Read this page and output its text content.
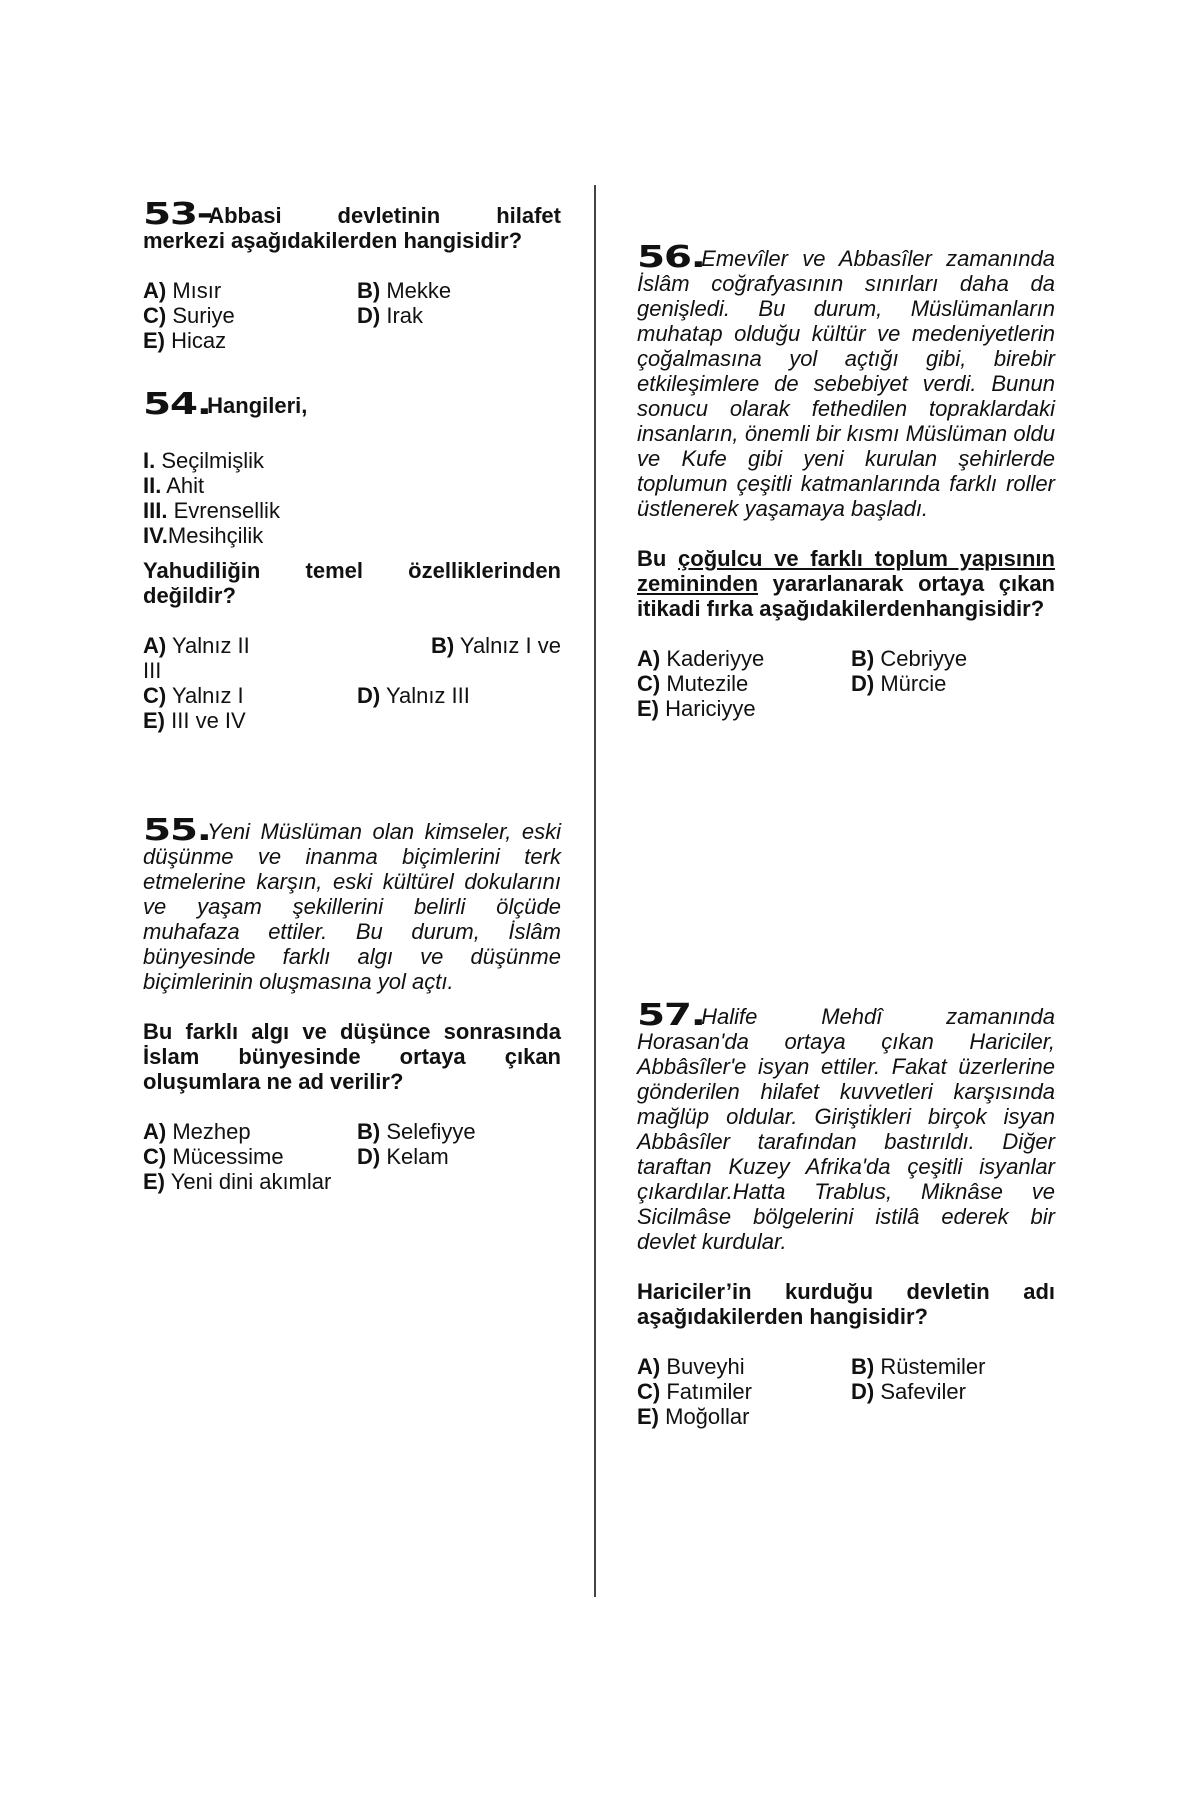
53-Abbasi	devletinin	hilafet
merkezi aşağıdakilerden hangisidir?
A) Mısır	B) Mekke
C) Suriye	D) Irak
E) Hicaz
54.Hangileri,
I. Seçilmişlik
II. Ahit
III. Evrensellik
IV.Mesihçilik
Yahudiliğin temel özelliklerinden
değildir?
A) Yalnız II	B) Yalnız I ve
III
C) Yalnız I	D) Yalnız III
E) III ve IV
55.Yeni Müslüman olan kimseler, eski düşünme ve inanma biçimlerini terk etmelerine karşın, eski kültürel dokularını ve yaşam şekillerini belirli ölçüde muhafaza ettiler. Bu durum, İslâm bünyesinde farklı algı ve düşünme biçimlerinin oluşmasına yol açtı.
Bu farklı algı ve düşünce sonrasında İslam bünyesinde ortaya çıkan oluşumlara ne ad verilir?
A) Mezhep	B) Selefiyye
C) Mücessime	D) Kelam
E) Yeni dini akımlar
56.Emevîler ve Abbasîler zamanında İslâm coğrafyasının sınırları daha da genişledi. Bu durum, Müslümanların muhatap olduğu kültür ve medeniyetlerin çoğalmasına yol açtığı gibi, birebir etkileşimlere de sebebiyet verdi. Bunun sonucu olarak fethedilen topraklardaki insanların, önemli bir kısmı Müslüman oldu ve Kufe gibi yeni kurulan şehirlerde toplumun çeşitli katmanlarında farklı roller üstlenerek yaşamaya başladı.
Bu çoğulcu ve farklı toplum yapısının zemininden yararlanarak ortaya çıkan itikadi fırka aşağıdakilerdenhangisidir?
A) Kaderiyye	B) Cebriyye
C) Mutezile	D) Mürcie
E) Hariciyye
57.Halife Mehdî zamanında Horasan'da ortaya çıkan Hariciler, Abbâsîler'e isyan ettiler. Fakat üzerlerine gönderilen hilafet kuvvetleri karşısında mağlüp oldular. Girişti̇kleri birçok isyan Abbâsîler tarafından bastırıldı. Diğer taraftan Kuzey Afrika'da çeşitli isyanlar çıkardılar.Hatta Trablus, Miknâse ve Sicilmâse bölgelerini istilâ ederek bir devlet kurdular.
Hariciler’in kurduğu devletin adı aşağıdakilerden hangisidir?
A) Buveyhi	B) Rüstemiler
C) Fatımiler	D) Safeviler
E) Moğollar
